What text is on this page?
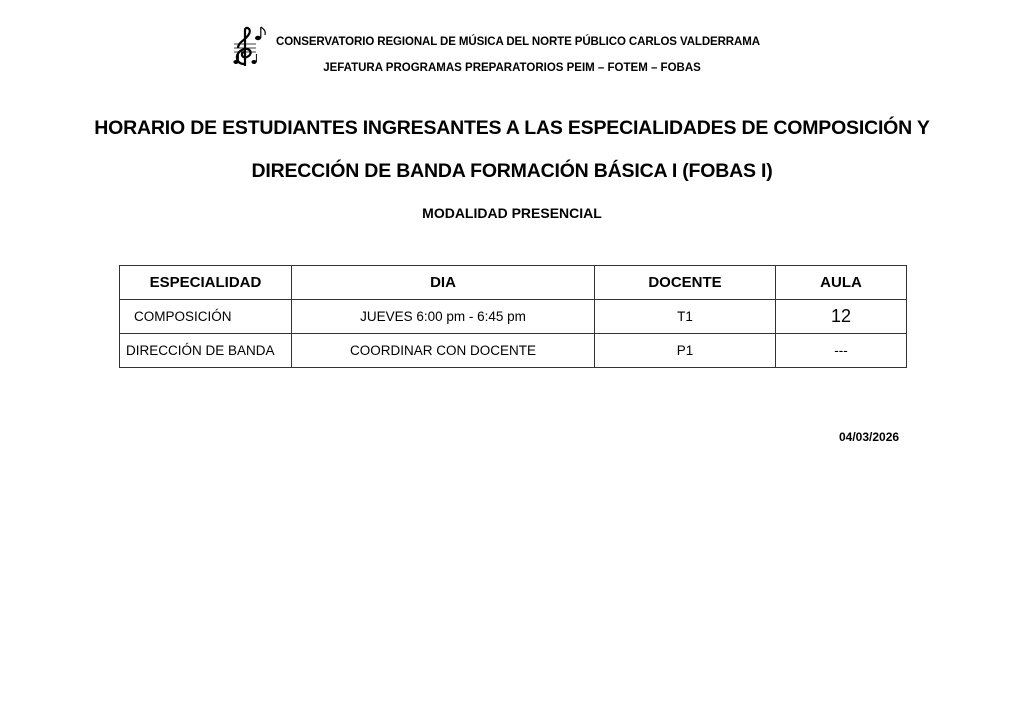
CONSERVATORIO REGIONAL DE MÚSICA DEL NORTE PÚBLICO CARLOS VALDERRAMA
JEFATURA PROGRAMAS PREPARATORIOS PEIM – FOTEM – FOBAS
HORARIO DE ESTUDIANTES INGRESANTES A LAS ESPECIALIDADES DE COMPOSICIÓN Y
DIRECCIÓN DE BANDA FORMACIÓN BÁSICA I (FOBAS I)
MODALIDAD PRESENCIAL
ESPECIALIDAD	DIA	DOCENTE	AULA
COMPOSICIÓN	JUEVES 6:00 pm - 6:45 pm	T1	12
DIRECCIÓN DE BANDA	COORDINAR CON DOCENTE	P1	---
04/03/2026
